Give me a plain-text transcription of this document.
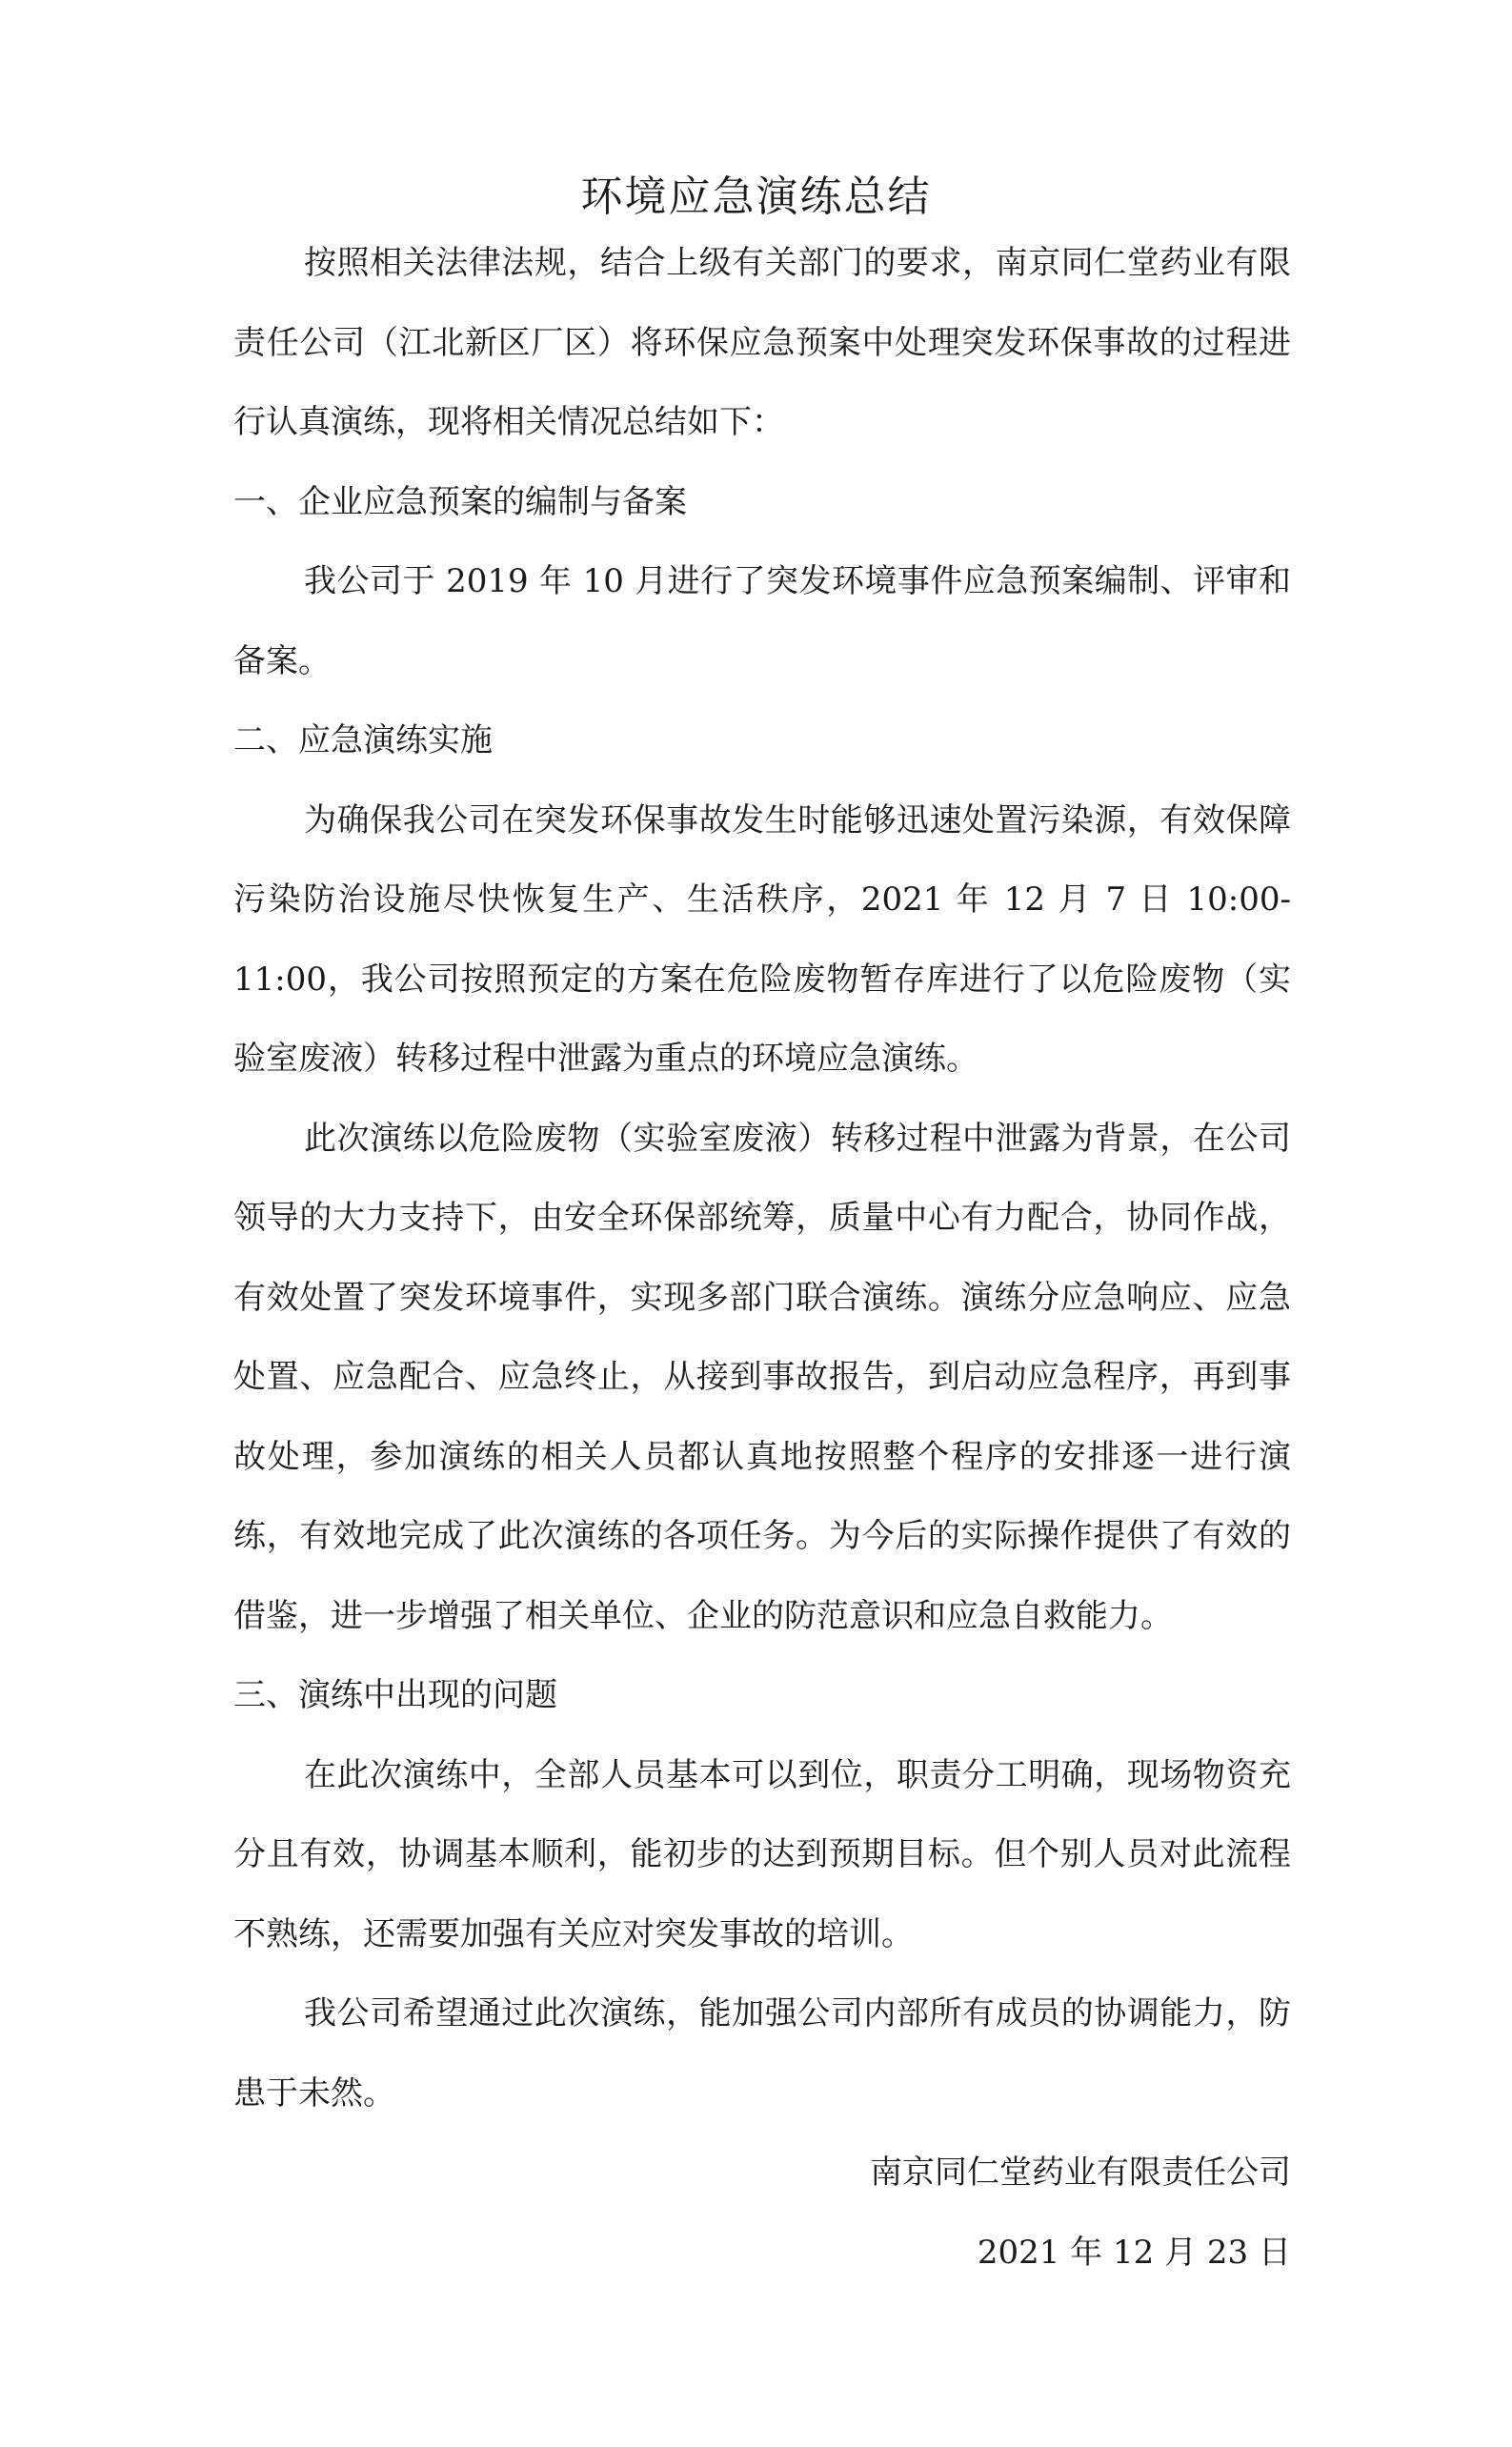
环境应急演练总结

按照相关法律法规，结合上级有关部门的要求，南京同仁堂药业有限责任公司（江北新区厂区）将环保应急预案中处理突发环保事故的过程进行认真演练，现将相关情况总结如下：

一、企业应急预案的编制与备案

我公司于 2019 年 10 月进行了突发环境事件应急预案编制、评审和备案。

二、应急演练实施

为确保我公司在突发环保事故发生时能够迅速处置污染源，有效保障污染防治设施尽快恢复生产、生活秩序，2021 年 12 月 7 日 10:00-11:00，我公司按照预定的方案在危险废物暂存库进行了以危险废物（实验室废液）转移过程中泄露为重点的环境应急演练。

此次演练以危险废物（实验室废液）转移过程中泄露为背景，在公司领导的大力支持下，由安全环保部统筹，质量中心有力配合，协同作战，有效处置了突发环境事件，实现多部门联合演练。演练分应急响应、应急处置、应急配合、应急终止，从接到事故报告，到启动应急程序，再到事故处理，参加演练的相关人员都认真地按照整个程序的安排逐一进行演练，有效地完成了此次演练的各项任务。为今后的实际操作提供了有效的借鉴，进一步增强了相关单位、企业的防范意识和应急自救能力。

三、演练中出现的问题

在此次演练中，全部人员基本可以到位，职责分工明确，现场物资充分且有效，协调基本顺利，能初步的达到预期目标。但个别人员对此流程不熟练，还需要加强有关应对突发事故的培训。

我公司希望通过此次演练，能加强公司内部所有成员的协调能力，防患于未然。

南京同仁堂药业有限责任公司

2021 年 12 月 23 日
